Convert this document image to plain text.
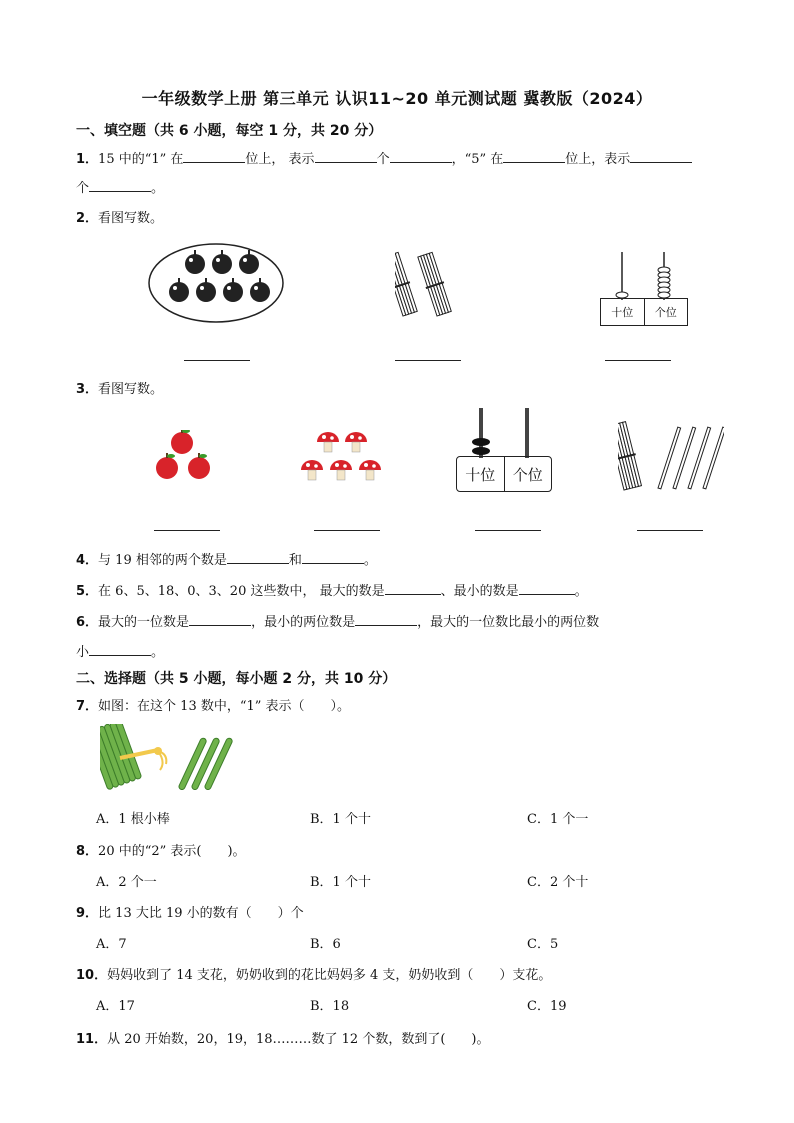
一年级数学上册 第三单元 认识11~20 单元测试题 冀教版（2024）
一、填空题（共 6 小题，每空 1 分，共 20 分）
1．15 中的“1” 在	位上， 表示	个	，“5” 在	位上，表示
个	。
2．看图写数。
十位	个位
3．看图写数。
十位	个位
4．与 19 相邻的两个数是	和	。
5．在 6、5、18、0、3、20 这些数中， 最大的数是	、最小的数是	。
6．最大的一位数是	，最小的两位数是	，最大的一位数比最小的两位数
小	。
二、选择题（共 5 小题，每小题 2 分，共 10 分）
7．如图：在这个 13 数中，“1” 表示（　　）。
A．1 根小棒	B．1 个十	C．1 个一
8．20 中的“2” 表示(　　)。
A．2 个一	B．1 个十	C．2 个十
9．比 13 大比 19 小的数有（　　）个
A．7	B．6	C．5
10．妈妈收到了 14 支花，奶奶收到的花比妈妈多 4 支，奶奶收到（　　）支花。
A．17	B．18	C．19
11．从 20 开始数，20，19，18………数了 12 个数，数到了(　　)。
